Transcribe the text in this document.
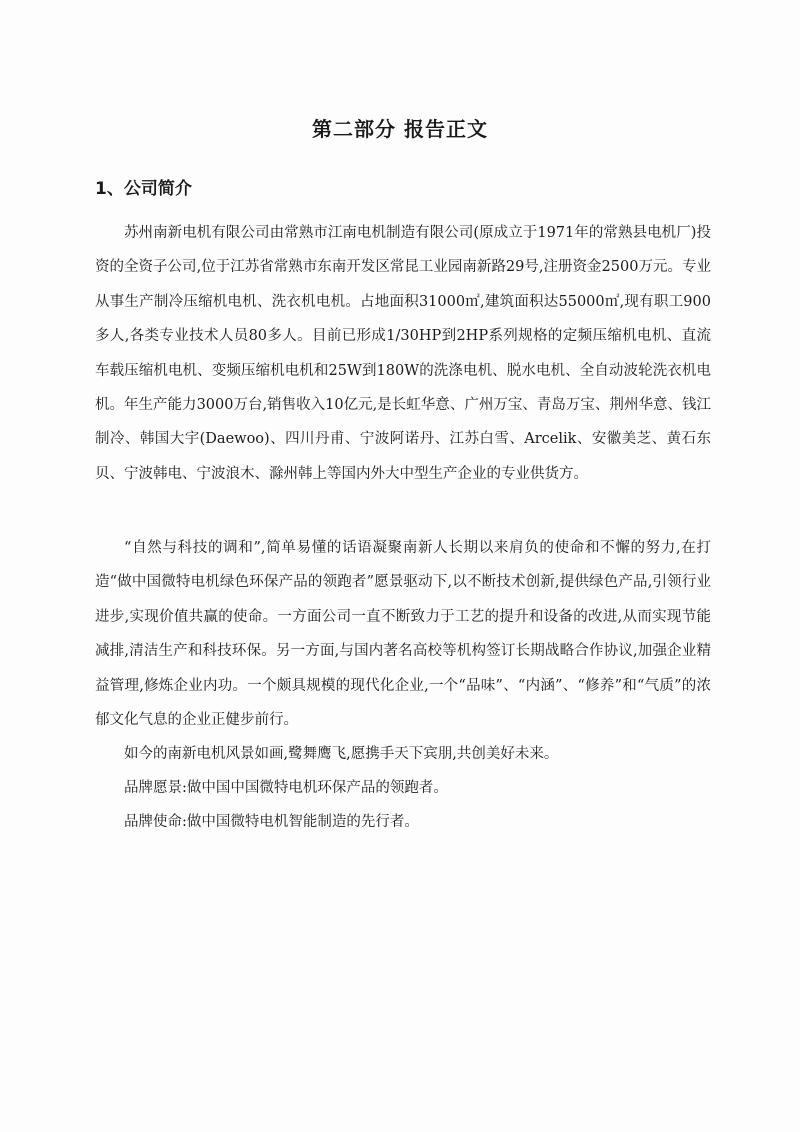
第二部分 报告正文
1、公司简介

苏州南新电机有限公司由常熟市江南电机制造有限公司(原成立于1971年的常熟县电机厂)投资的全资子公司,位于江苏省常熟市东南开发区常昆工业园南新路29号,注册资金2500万元。专业从事生产制冷压缩机电机、洗衣机电机。占地面积31000㎡,建筑面积达55000㎡,现有职工900多人,各类专业技术人员80多人。目前已形成1/30HP到2HP系列规格的定频压缩机电机、直流车载压缩机电机、变频压缩机电机和25W到180W的洗涤电机、脱水电机、全自动波轮洗衣机电机。年生产能力3000万台,销售收入10亿元,是长虹华意、广州万宝、青岛万宝、荆州华意、钱江制冷、韩国大宇(Daewoo)、四川丹甫、宁波阿诺丹、江苏白雪、Arcelik、安徽美芝、黄石东贝、宁波韩电、宁波浪木、滁州韩上等国内外大中型生产企业的专业供货方。

“自然与科技的调和”,简单易懂的话语凝聚南新人长期以来肩负的使命和不懈的努力,在打造“做中国微特电机绿色环保产品的领跑者”愿景驱动下,以不断技术创新,提供绿色产品,引领行业进步,实现价值共赢的使命。一方面公司一直不断致力于工艺的提升和设备的改进,从而实现节能减排,清洁生产和科技环保。另一方面,与国内著名高校等机构签订长期战略合作协议,加强企业精益管理,修炼企业内功。一个颇具规模的现代化企业,一个“品味”、“内涵”、“修养”和“气质”的浓郁文化气息的企业正健步前行。

如今的南新电机风景如画,鹭舞鹰飞,愿携手天下宾朋,共创美好未来。

品牌愿景:做中国中国微特电机环保产品的领跑者。

品牌使命:做中国微特电机智能制造的先行者。
